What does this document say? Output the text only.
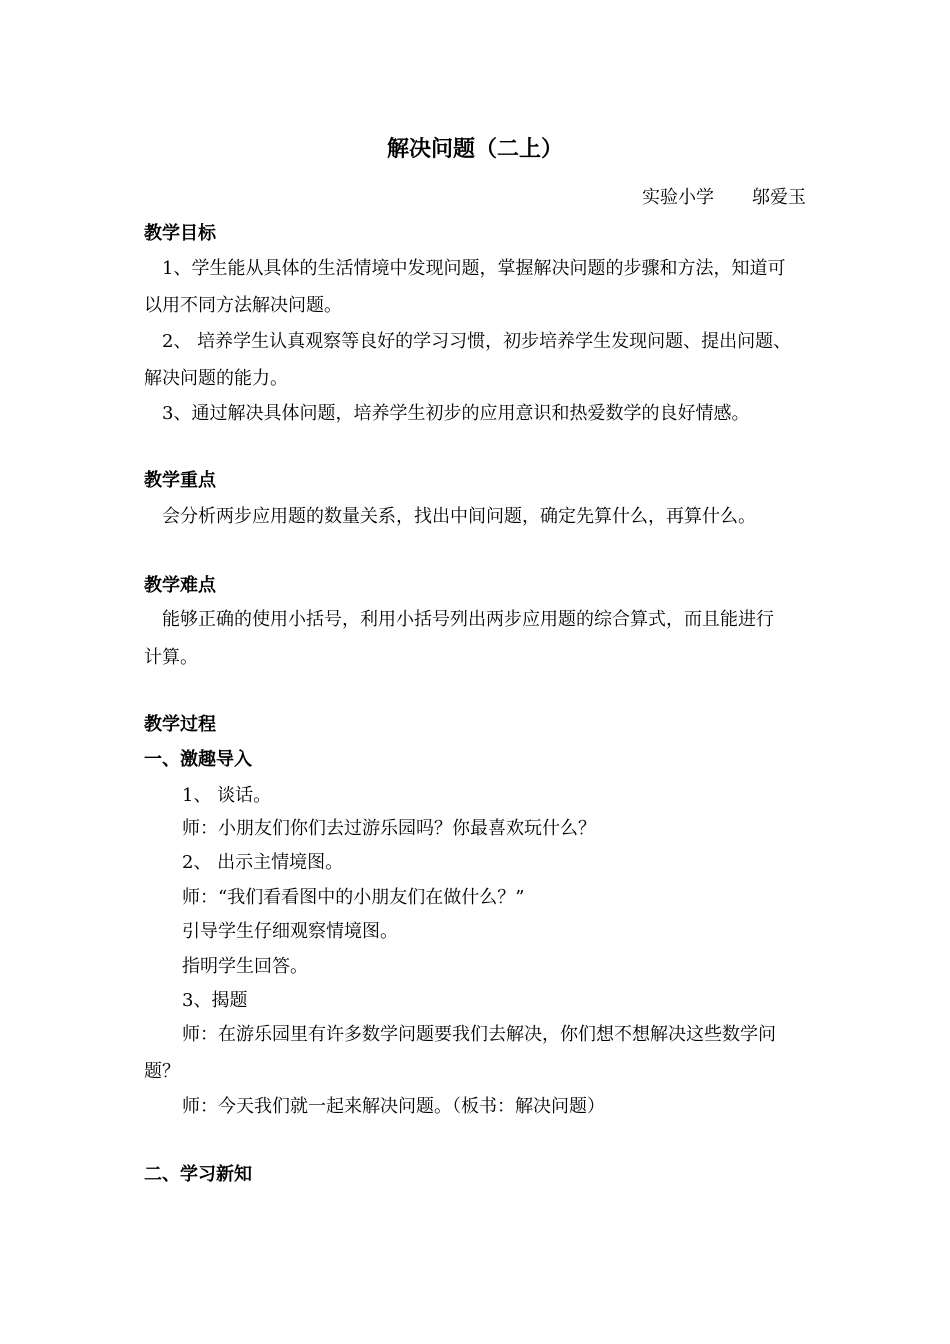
解决问题（二上）
实验小学 邬爱玉
教学目标
1、学生能从具体的生活情境中发现问题，掌握解决问题的步骤和方法，知道可
以用不同方法解决问题。
2、 培养学生认真观察等良好的学习习惯，初步培养学生发现问题、提出问题、
解决问题的能力。
3、通过解决具体问题，培养学生初步的应用意识和热爱数学的良好情感。
教学重点
会分析两步应用题的数量关系，找出中间问题，确定先算什么，再算什么。
教学难点
能够正确的使用小括号，利用小括号列出两步应用题的综合算式，而且能进行
计算。
教学过程
一、激趣导入
1、 谈话。
师：小朋友们你们去过游乐园吗？你最喜欢玩什么？
2、 出示主情境图。
师：“我们看看图中的小朋友们在做什么？”
引导学生仔细观察情境图。
指明学生回答。
3、揭题
师：在游乐园里有许多数学问题要我们去解决，你们想不想解决这些数学问
题？
师：今天我们就一起来解决问题。（板书：解决问题）
二、学习新知
